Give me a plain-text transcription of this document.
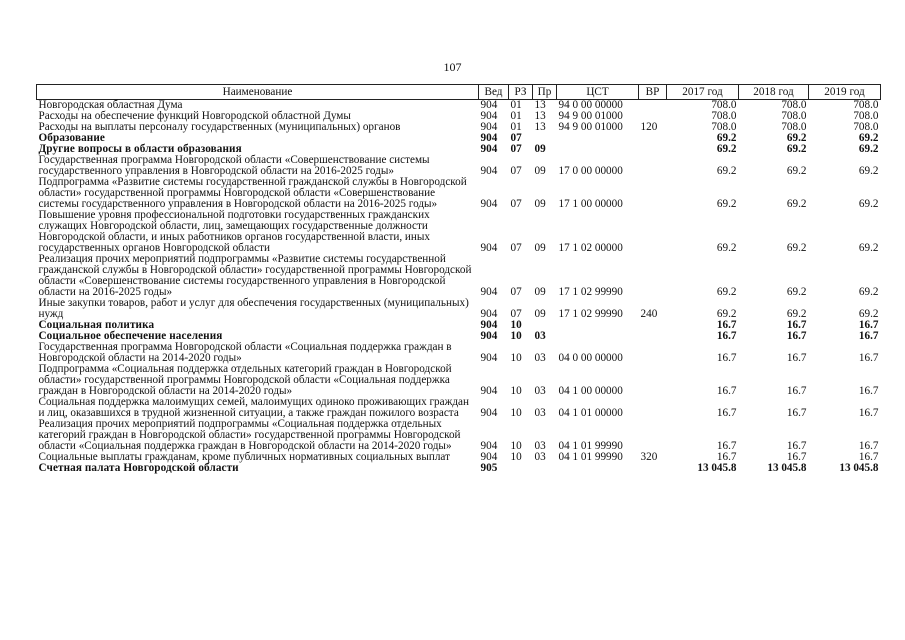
107
Наименование	Вед	РЗ	Пр	ЦСТ	ВР	2017 год	2018 год	2019 год
Новгородская областная Дума	904	01	13	94 0 00 00000		708.0	708.0	708.0
Расходы на обеспечение функций Новгородской областной Думы	904	01	13	94 9 00 01000		708.0	708.0	708.0
Расходы на выплаты персоналу государственных (муниципальных) органов	904	01	13	94 9 00 01000	120	708.0	708.0	708.0
Образование	904	07				69.2	69.2	69.2
Другие вопросы в области образования	904	07	09			69.2	69.2	69.2
Государственная программа Новгородской области «Совершенствование системы государственного управления в Новгородской области на 2016-2025 годы»	904	07	09	17 0 00 00000		69.2	69.2	69.2
Подпрограмма «Развитие системы государственной гражданской службы в Новгородской области» государственной программы Новгородской области «Совершенствование системы государственного управления в Новгородской области на 2016-2025 годы»	904	07	09	17 1 00 00000		69.2	69.2	69.2
Повышение уровня профессиональной подготовки государственных гражданских служащих Новгородской области, лиц, замещающих государственные должности Новгородской области, и иных работников органов государственной власти, иных государственных органов Новгородской области	904	07	09	17 1 02 00000		69.2	69.2	69.2
Реализация прочих мероприятий подпрограммы «Развитие системы государственной гражданской службы в Новгородской области» государственной программы Новгородской области «Совершенствование системы государственного управления в Новгородской области на 2016-2025 годы»	904	07	09	17 1 02 99990		69.2	69.2	69.2
Иные закупки товаров, работ и услуг для обеспечения государственных (муниципальных) нужд	904	07	09	17 1 02 99990	240	69.2	69.2	69.2
Социальная политика	904	10				16.7	16.7	16.7
Социальное обеспечение населения	904	10	03			16.7	16.7	16.7
Государственная программа Новгородской области «Социальная поддержка граждан в Новгородской области на 2014-2020 годы»	904	10	03	04 0 00 00000		16.7	16.7	16.7
Подпрограмма «Социальная поддержка отдельных категорий граждан в Новгородской области» государственной программы Новгородской области «Социальная поддержка граждан в Новгородской области на 2014-2020 годы»	904	10	03	04 1 00 00000		16.7	16.7	16.7
Социальная поддержка малоимущих семей, малоимущих одиноко проживающих граждан и лиц, оказавшихся в трудной жизненной ситуации, а также граждан пожилого возраста	904	10	03	04 1 01 00000		16.7	16.7	16.7
Реализация прочих мероприятий подпрограммы «Социальная поддержка отдельных категорий граждан в Новгородской области» государственной программы Новгородской области «Социальная поддержка граждан в Новгородской области на 2014-2020 годы»	904	10	03	04 1 01 99990		16.7	16.7	16.7
Социальные выплаты гражданам, кроме публичных нормативных социальных выплат	904	10	03	04 1 01 99990	320	16.7	16.7	16.7
Счетная палата Новгородской области	905					13 045.8	13 045.8	13 045.8
